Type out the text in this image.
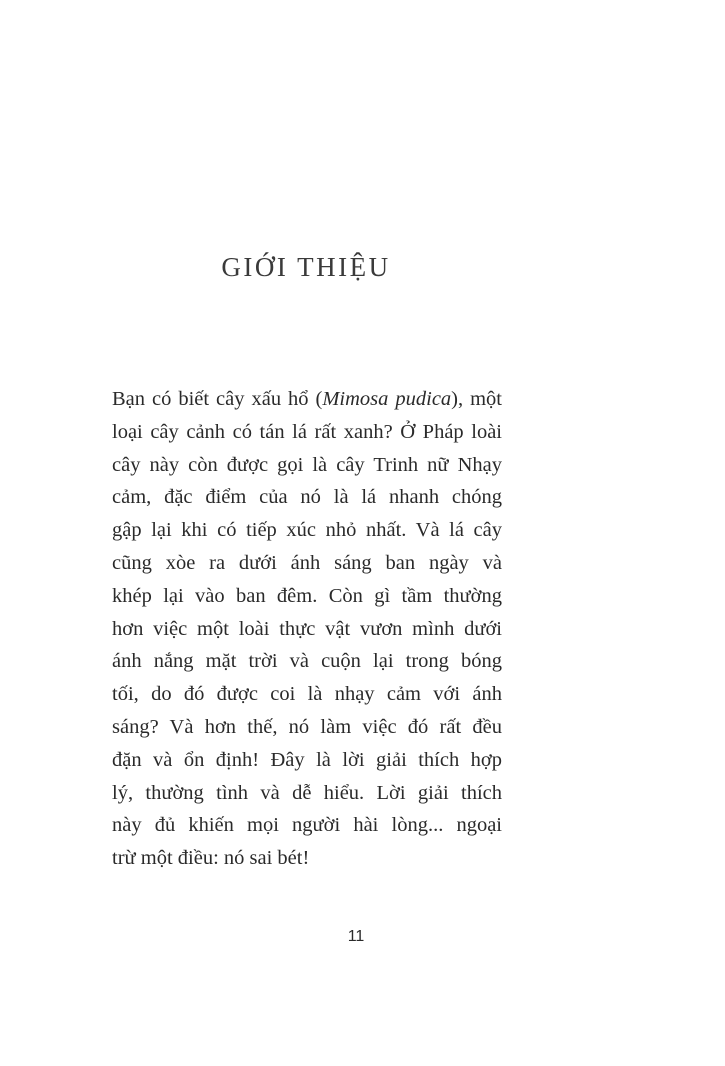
GIỚI THIỆU

Bạn có biết cây xấu hổ (Mimosa pudica), một
loại cây cảnh có tán lá rất xanh? Ở Pháp loài
cây này còn được gọi là cây Trinh nữ Nhạy
cảm, đặc điểm của nó là lá nhanh chóng
gập lại khi có tiếp xúc nhỏ nhất. Và lá cây
cũng xòe ra dưới ánh sáng ban ngày và
khép lại vào ban đêm. Còn gì tầm thường
hơn việc một loài thực vật vươn mình dưới
ánh nắng mặt trời và cuộn lại trong bóng
tối, do đó được coi là nhạy cảm với ánh
sáng? Và hơn thế, nó làm việc đó rất đều
đặn và ổn định! Đây là lời giải thích hợp
lý, thường tình và dễ hiểu. Lời giải thích
này đủ khiến mọi người hài lòng... ngoại
trừ một điều: nó sai bét!

11
